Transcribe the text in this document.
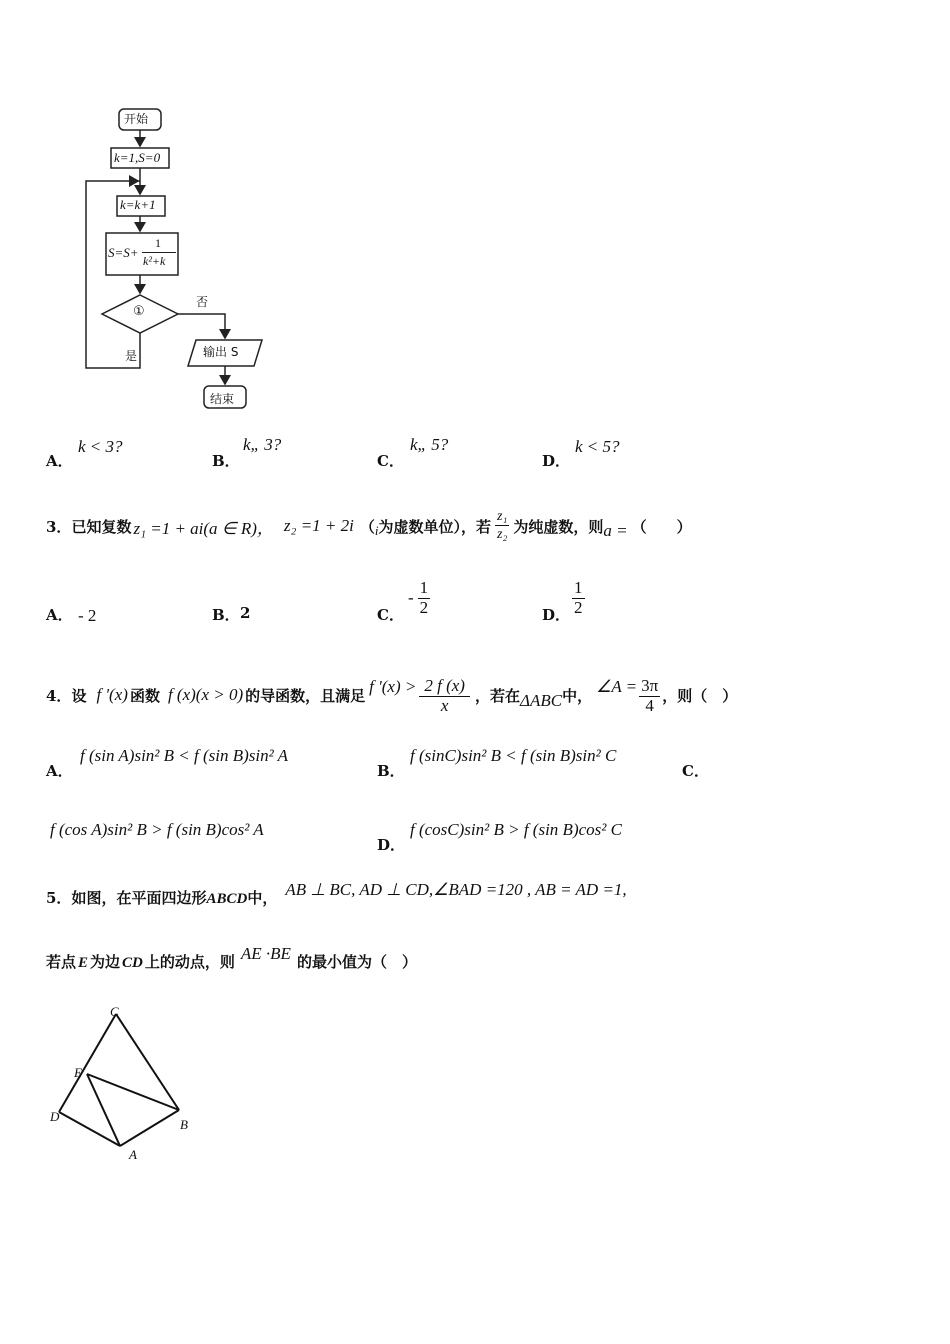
开始
k=1,S=0
k=k+1
S=S+
1
k²+k
①
否
是	输出 S
结束
A．
k < 3?
B．
k„ 3?
C．
k„ 5?
D．
k < 5?
3． 已知复数 z₁ =1 + ai(a ∈ R)， z₂ =1 + 2i （ i 为虚数单位），若 $\frac{\text{z₁}}{\text{z₂}}$ 为纯虚数，则 a = （　　）
A． - 2	B． 2	C．
- $\frac{1}{2}$	D． $\frac{1}{2}$
4． 设 f '(x) 函数 f (x)(x > 0) 的导函数，且满足 f '$(x) > \frac{2 f (x)}{x}$ ，若在 ΔABC 中， ∠A = $\frac{3\pi}{4}$ ，则（　）
A．
f (sin A)sin² B < f (sin B)sin² A
B．
f (sinC)sin² B < f (sin B)sin² C
C．
f (cos A)sin² B > f (sin B)cos² A
D．
f (cosC)sin² B > f (sin B)cos² C
5． 如图，在平面四边形 ABCD 中， AB ⊥ BC, AD ⊥ CD,∠BAD =120 , AB = AD =1,
若点 E 为边 CD 上的动点，则 AE ·BE 的最小值为（　）
C
E
D
B
A
